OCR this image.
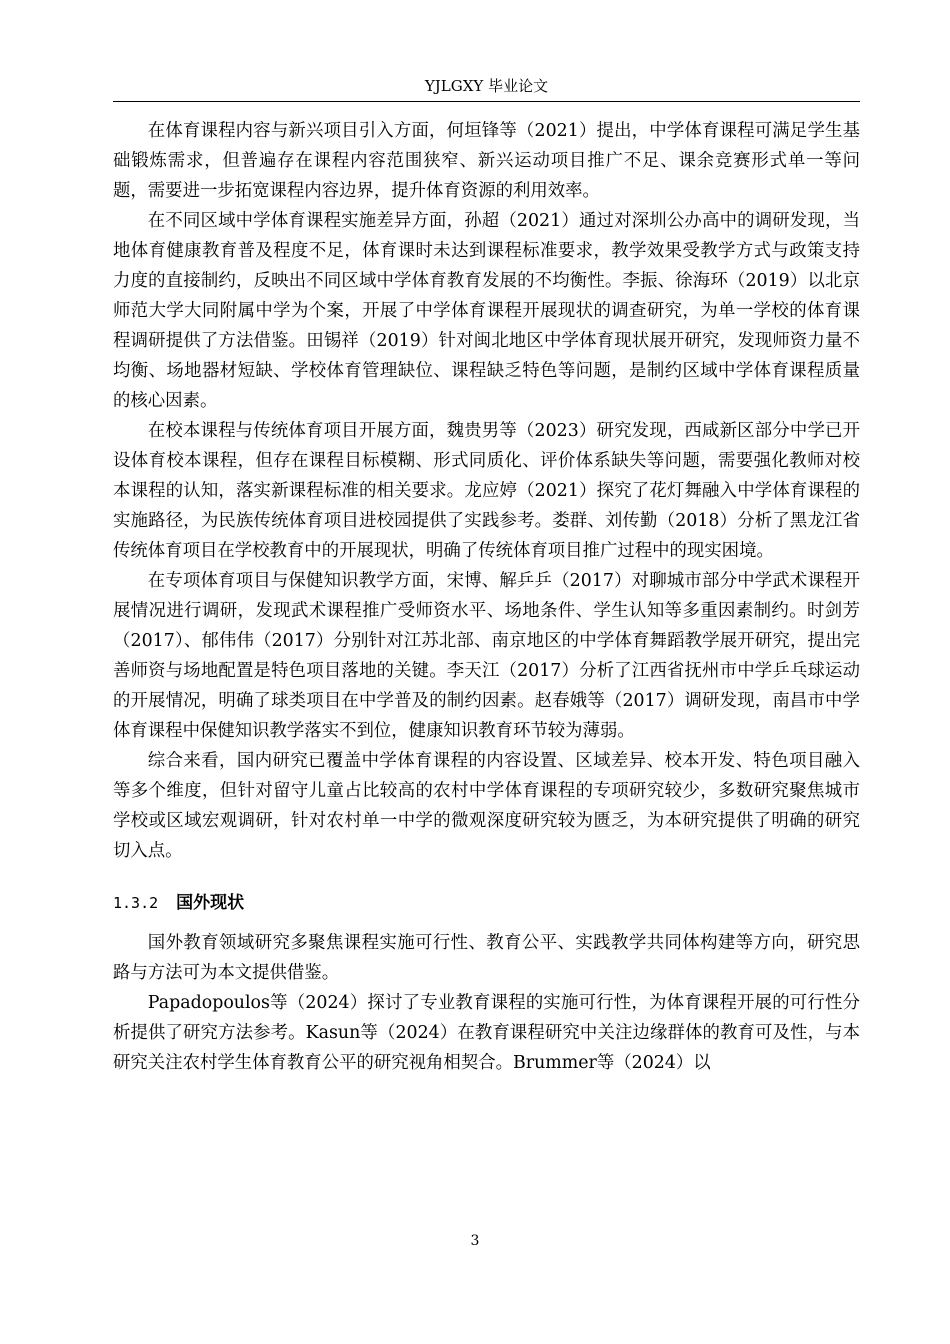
YJLGXY 毕业论文

在体育课程内容与新兴项目引入方面，何垣锋等（2021）提出，中学体育课程可满足学生基础锻炼需求，但普遍存在课程内容范围狭窄、新兴运动项目推广不足、课余竞赛形式单一等问题，需要进一步拓宽课程内容边界，提升体育资源的利用效率。

在不同区域中学体育课程实施差异方面，孙超（2021）通过对深圳公办高中的调研发现，当地体育健康教育普及程度不足，体育课时未达到课程标准要求，教学效果受教学方式与政策支持力度的直接制约，反映出不同区域中学体育教育发展的不均衡性。李振、徐海环（2019）以北京师范大学大同附属中学为个案，开展了中学体育课程开展现状的调查研究，为单一学校的体育课程调研提供了方法借鉴。田锡祥（2019）针对闽北地区中学体育现状展开研究，发现师资力量不均衡、场地器材短缺、学校体育管理缺位、课程缺乏特色等问题，是制约区域中学体育课程质量的核心因素。

在校本课程与传统体育项目开展方面，魏贵男等（2023）研究发现，西咸新区部分中学已开设体育校本课程，但存在课程目标模糊、形式同质化、评价体系缺失等问题，需要强化教师对校本课程的认知，落实新课程标准的相关要求。龙应婷（2021）探究了花灯舞融入中学体育课程的实施路径，为民族传统体育项目进校园提供了实践参考。娄群、刘传勤（2018）分析了黑龙江省传统体育项目在学校教育中的开展现状，明确了传统体育项目推广过程中的现实困境。

在专项体育项目与保健知识教学方面，宋博、解乒乒（2017）对聊城市部分中学武术课程开展情况进行调研，发现武术课程推广受师资水平、场地条件、学生认知等多重因素制约。时剑芳（2017）、郁伟伟（2017）分别针对江苏北部、南京地区的中学体育舞蹈教学展开研究，提出完善师资与场地配置是特色项目落地的关键。李天江（2017）分析了江西省抚州市中学乒乓球运动的开展情况，明确了球类项目在中学普及的制约因素。赵春娥等（2017）调研发现，南昌市中学体育课程中保健知识教学落实不到位，健康知识教育环节较为薄弱。

综合来看，国内研究已覆盖中学体育课程的内容设置、区域差异、校本开发、特色项目融入等多个维度，但针对留守儿童占比较高的农村中学体育课程的专项研究较少，多数研究聚焦城市学校或区域宏观调研，针对农村单一中学的微观深度研究较为匮乏，为本研究提供了明确的研究切入点。

1.3.2 国外现状

国外教育领域研究多聚焦课程实施可行性、教育公平、实践教学共同体构建等方向，研究思路与方法可为本文提供借鉴。

Papadopoulos等（2024）探讨了专业教育课程的实施可行性，为体育课程开展的可行性分析提供了研究方法参考。Kasun等（2024）在教育课程研究中关注边缘群体的教育可及性，与本研究关注农村学生体育教育公平的研究视角相契合。Brummer等（2024）以

3
